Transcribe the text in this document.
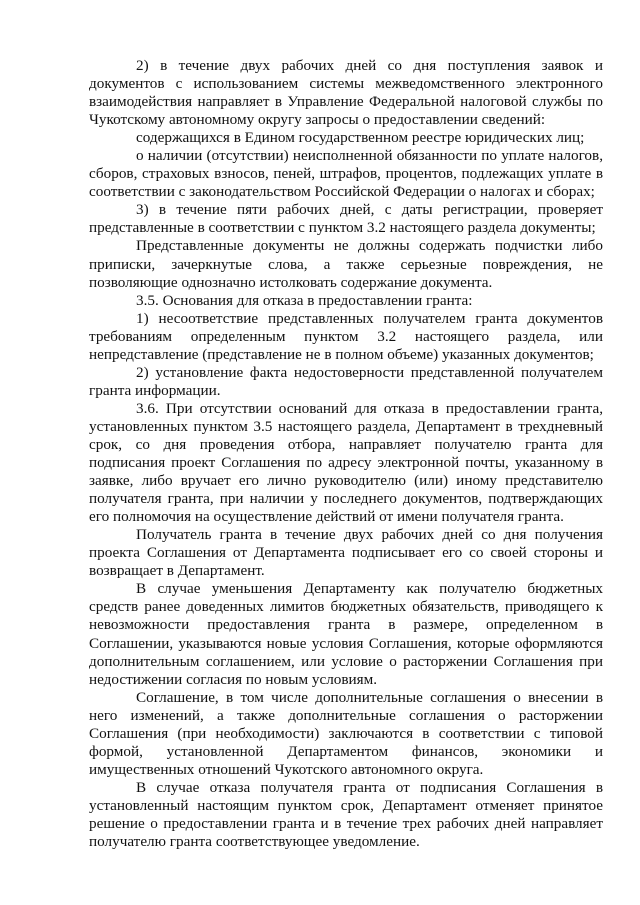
2) в течение двух рабочих дней со дня поступления заявок и документов с использованием системы межведомственного электронного взаимодействия направляет в Управление Федеральной налоговой службы по Чукотскому автономному округу запросы о предоставлении сведений:

содержащихся в Едином государственном реестре юридических лиц;

о наличии (отсутствии) неисполненной обязанности по уплате налогов, сборов, страховых взносов, пеней, штрафов, процентов, подлежащих уплате в соответствии с законодательством Российской Федерации о налогах и сборах;

3) в течение пяти рабочих дней, с даты регистрации, проверяет представленные в соответствии с пунктом 3.2 настоящего раздела документы;

Представленные документы не должны содержать подчистки либо приписки, зачеркнутые слова, а также серьезные повреждения, не позволяющие однозначно истолковать содержание документа.

3.5. Основания для отказа в предоставлении гранта:

1) несоответствие представленных получателем гранта документов требованиям определенным пунктом 3.2 настоящего раздела, или непредставление (представление не в полном объеме) указанных документов;

2) установление факта недостоверности представленной получателем гранта информации.

3.6. При отсутствии оснований для отказа в предоставлении гранта, установленных пунктом 3.5 настоящего раздела, Департамент в трехдневный срок, со дня проведения отбора, направляет получателю гранта для подписания проект Соглашения по адресу электронной почты, указанному в заявке, либо вручает его лично руководителю (или) иному представителю получателя гранта, при наличии у последнего документов, подтверждающих его полномочия на осуществление действий от имени получателя гранта.

Получатель гранта в течение двух рабочих дней со дня получения проекта Соглашения от Департамента подписывает его со своей стороны и возвращает в Департамент.

В случае уменьшения Департаменту как получателю бюджетных средств ранее доведенных лимитов бюджетных обязательств, приводящего к невозможности предоставления гранта в размере, определенном в Соглашении, указываются новые условия Соглашения, которые оформляются дополнительным соглашением, или условие о расторжении Соглашения при недостижении согласия по новым условиям.

Соглашение, в том числе дополнительные соглашения о внесении в него изменений, а также дополнительные соглашения о расторжении Соглашения (при необходимости) заключаются в соответствии с типовой формой, установленной Департаментом финансов, экономики и имущественных отношений Чукотского автономного округа.

В случае отказа получателя гранта от подписания Соглашения в установленный настоящим пунктом срок, Департамент отменяет принятое решение о предоставлении гранта и в течение трех рабочих дней направляет получателю гранта соответствующее уведомление.
